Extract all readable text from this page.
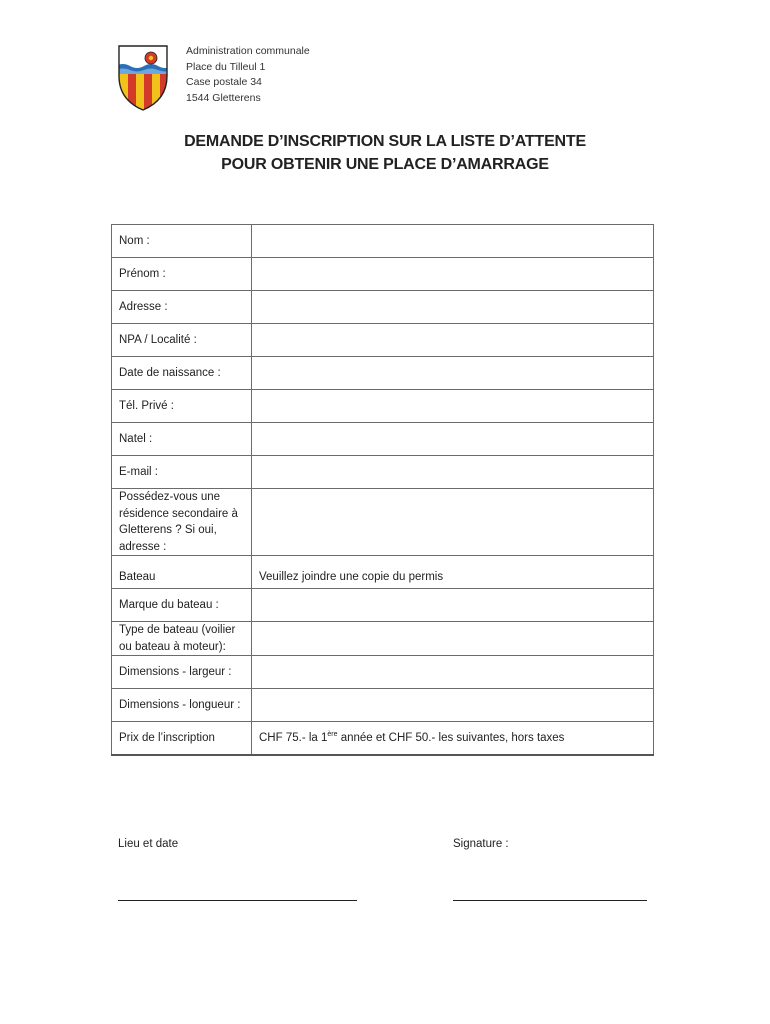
Administration communale
Place du Tilleul 1
Case postale 34
1544 Gletterens
DEMANDE D’INSCRIPTION SUR LA LISTE D’ATTENTE
POUR OBTENIR UNE PLACE D’AMARRAGE
Nom :	
Prénom :	
Adresse :	
NPA / Localité :	
Date de naissance :	
Tél. Privé :	
Natel :	
E-mail :	
Possédez-vous une résidence secondaire à Gletterens ? Si oui, adresse :	
Bateau	Veuillez joindre une copie du permis
Marque du bateau :	
Type de bateau (voilier ou bateau à moteur):	
Dimensions - largeur :	
Dimensions - longueur :	
Prix de l’inscription	CHF 75.- la 1ère année et CHF 50.- les suivantes, hors taxes
Lieu et date	Signature :
